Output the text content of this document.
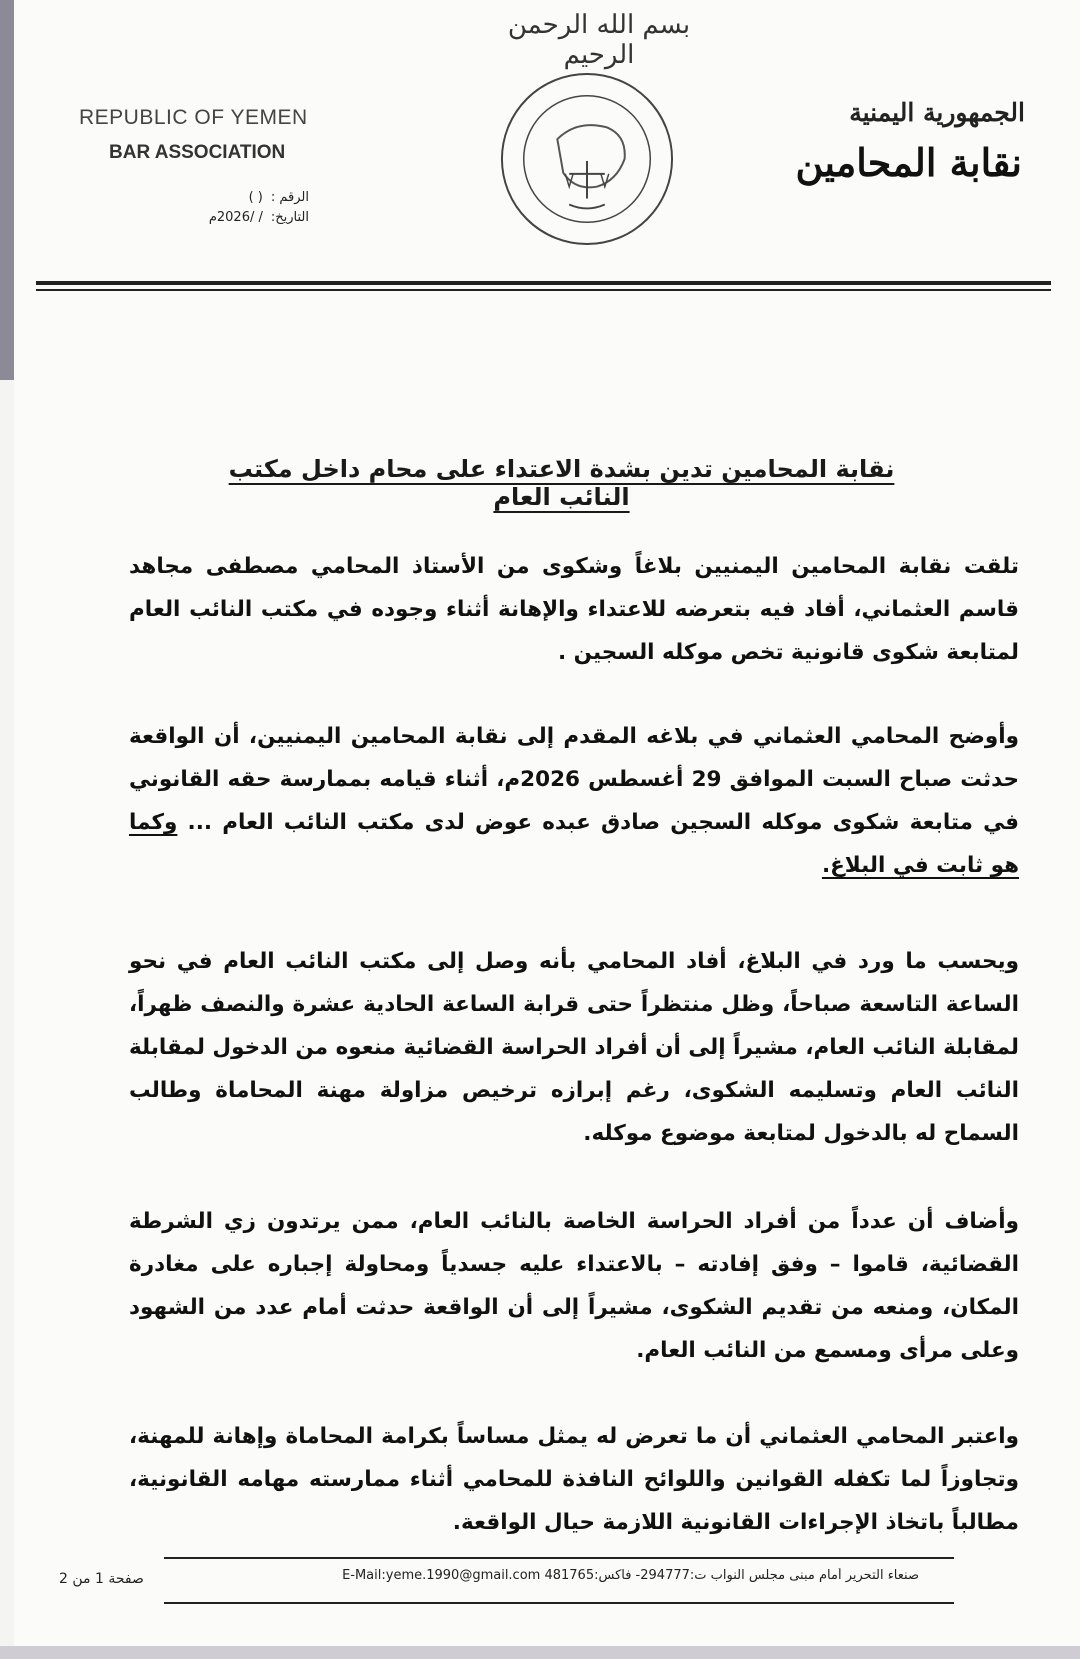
بسم الله الرحمن الرحيم
REPUBLIC OF YEMEN
BAR ASSOCIATION
الرقم :
( )
التاريخ:
/ /2026م
الجمهورية اليمنية
نقابة المحامين
نقابة المحامين تدين بشدة الاعتداء على محام داخل مكتب النائب العام
تلقت نقابة المحامين اليمنيين بلاغاً وشكوى من الأستاذ المحامي مصطفى مجاهد قاسم العثماني، أفاد فيه بتعرضه للاعتداء والإهانة أثناء وجوده في مكتب النائب العام لمتابعة شكوى قانونية تخص موكله السجين .
وأوضح المحامي العثماني في بلاغه المقدم إلى نقابة المحامين اليمنيين، أن الواقعة حدثت صباح السبت الموافق 29 أغسطس 2026م، أثناء قيامه بممارسة حقه القانوني في متابعة شكوى موكله السجين صادق عبده عوض لدى مكتب النائب العام ... وكما هو ثابت في البلاغ.
ويحسب ما ورد في البلاغ، أفاد المحامي بأنه وصل إلى مكتب النائب العام في نحو الساعة التاسعة صباحاً، وظل منتظراً حتى قرابة الساعة الحادية عشرة والنصف ظهراً، لمقابلة النائب العام، مشيراً إلى أن أفراد الحراسة القضائية منعوه من الدخول لمقابلة النائب العام وتسليمه الشكوى، رغم إبرازه ترخيص مزاولة مهنة المحاماة وطالب السماح له بالدخول لمتابعة موضوع موكله.
وأضاف أن عدداً من أفراد الحراسة الخاصة بالنائب العام، ممن يرتدون زي الشرطة القضائية، قاموا – وفق إفادته – بالاعتداء عليه جسدياً ومحاولة إجباره على مغادرة المكان، ومنعه من تقديم الشكوى، مشيراً إلى أن الواقعة حدثت أمام عدد من الشهود وعلى مرأى ومسمع من النائب العام.
واعتبر المحامي العثماني أن ما تعرض له يمثل مساساً بكرامة المحاماة وإهانة للمهنة، وتجاوزاً لما تكفله القوانين واللوائح النافذة للمحامي أثناء ممارسته مهامه القانونية، مطالباً باتخاذ الإجراءات القانونية اللازمة حيال الواقعة.
صنعاء التحرير أمام مبنى مجلس النواب ت:294777- فاكس:481765 E-Mail:yeme.1990@gmail.com
صفحة 1 من 2
